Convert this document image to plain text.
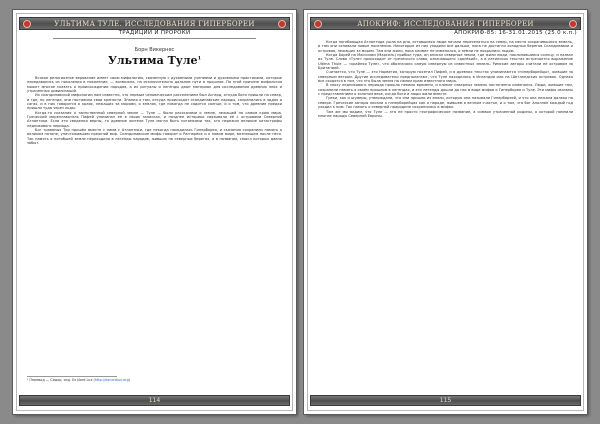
УЛЬТИМА ТУЛЕ. ИССЛЕДОВАНИЯ ГИПЕРБОРЕИ
ТРАДИЦИИ И ПРОРОКИ
Борн Викернес
Ультима Туле$^1$

Всякое религиозное верование имеет свою мифологию, связанную с духовными учениями и духовными практиками, которые передавались из поколения в поколение, — возможно, на исключительно дальние пути в прошлое. По этой причине мифология может многое сказать о происхождении народов, а их ритуалы и легенды дают материал для исследования древних эпох и утраченных цивилизаций.

Их скандинавской мифологии нам известно, что первым человеческим расселением был Асгард, откуда боги пришли на север, и где, по легенде, они поставили свои крепости. Знания о том, откуда происходят скандинавские народы, сохранились в эддах и сагах, и в них говорится о краях, лежащих за морями, о землях, где никогда не садится солнце, и о том, что древние предки пришли туда через льды.

Когда-то сказания о таинственной северной земле — Туле — были рассказами о земле, лежащей на самом краю мира. Греческий мореплаватель Пифей упоминал её в своих записках, и позднее историки связывали её с островами Северной Атлантики. Если эти сведения верны, то древние жители Туле могли быть потомками тех, кто пережил великие катастрофы ледникового периода.

Бог травяных Тор пришёл вместе с ними с Атлантики, где некогда находилась Гиперборея, и сказания сохранили память о великом потопе, уничтожившем прежний мир. Скандинавские мифы говорят о Рагнарёке и о новом мире, возникшем после него. Так память о погибшей земле переходила в легенды народов, живших на северных берегах, и в названия, смысл которых давно забыт.

¹ Перевод — Сидор, изд. Ex Nord Lux (http://exnordlux.org)
114
АПОКРИФ: ИССЛЕДОВАНИЯ ГИПЕРБОРЕИ
АПОКРИФ-85: 16-31.01.2015 (25.0 к.п.)

Когда погибающая Атлантида ушла на дно, оставшиеся люди начали переселяться на север, на места сохранившихся земель, и там они основали новые поселения. Некоторые из них уходили всё дальше, пока не достигли холодных берегов Скандинавии и островов, лежащих за морем. Там они жили, пока климат не изменился, и земли не покрылись льдом.

Когда Борей на Массилии (Марсель) прибыл туда, он описал северные земли, где жили люди, поклонявшиеся солнцу, и назвал их Туле. Слово «Туле» происходит от греческого слова, означающего «далёкий», а в латинских текстах встречается выражение Ultima Thule — «крайняя Туле», что обозначало самую северную из известных земель. Римские авторы считали её островом за Британией.

Считается, что Туле — это Норвегия, которую посетил Пифей, и в древних текстах упоминаются «гиперборейцы», жившие за северным ветром. Другие исследователи предполагают, что Туле находилась в Исландии или на Шетландских островах. Однако все сходятся в том, что это была земля на самом краю известного мира.

В эпоху ледникового периода прошло немало времени, и климат северных земель постепенно изменялся. Люди, жившие там, сохранили память о своём прошлом в легендах, и эти легенды дошли до нас в виде мифов о Гиперборее и Туле. Эти мифы связаны с представлением о золотом веке, когда боги и люди жили вместе.

Греки, как и шумеры, утверждали, что они пришли из земли, которую они называли Гипербореей, и что она лежала далеко на севере. Греческие авторы писали о гиперборейцах как о народе, жившем в вечном счастье, и о том, что бог Аполлон каждый год уходил к ним. Так память о северной прародине сохранилась в мифах.

Там же мы видим, что Туле — это не просто географическое название, а символ утраченной родины, о которой помнили многие народы Северной Европы.

115
